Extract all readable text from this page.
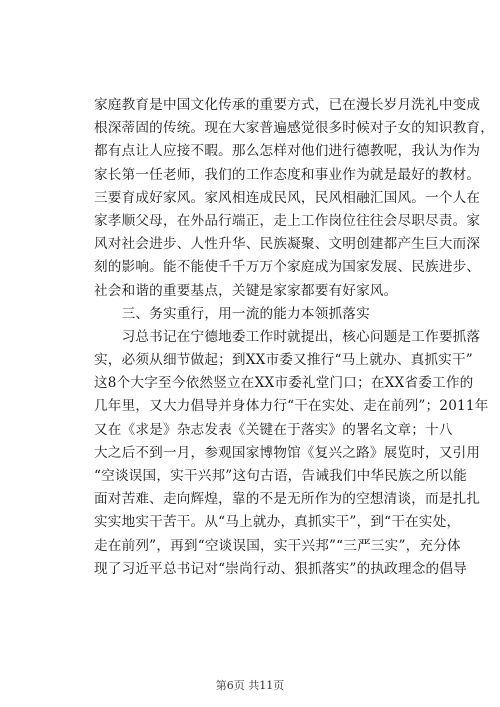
家庭教育是中国文化传承的重要方式，已在漫长岁月洗礼中变成
根深蒂固的传统。现在大家普遍感觉很多时候对子女的知识教育，
都有点让人应接不暇。那么怎样对他们进行德教呢，我认为作为
家长第一任老师，我们的工作态度和事业作为就是最好的教材。
三要育成好家风。家风相连成民风，民风相融汇国风。一个人在
家孝顺父母，在外品行端正，走上工作岗位往往会尽职尽责。家
风对社会进步、人性升华、民族凝聚、文明创建都产生巨大而深
刻的影响。能不能使千千万万个家庭成为国家发展、民族进步、
社会和谐的重要基点，关键是家家都要有好家风。
　　三、务实重行，用一流的能力本领抓落实
　　习总书记在宁德地委工作时就提出，核心问题是工作要抓落
实，必须从细节做起；到XX市委又推行“马上就办、真抓实干”
这8个大字至今依然竖立在XX市委礼堂门口；在XX省委工作的
几年里，又大力倡导并身体力行“干在实处、走在前列”；2011年
又在《求是》杂志发表《关键在于落实》的署名文章；十八
大之后不到一月，参观国家博物馆《复兴之路》展览时，又引用
“空谈误国，实干兴邦”这句古语，告诫我们中华民族之所以能
面对苦难、走向辉煌，靠的不是无所作为的空想清谈，而是扎扎
实实地实干苦干。从“马上就办，真抓实干”，到“干在实处，
走在前列”，再到“空谈误国，实干兴邦”“三严三实”，充分体
现了习近平总书记对“崇尚行动、狠抓落实”的执政理念的倡导
第6页 共11页
